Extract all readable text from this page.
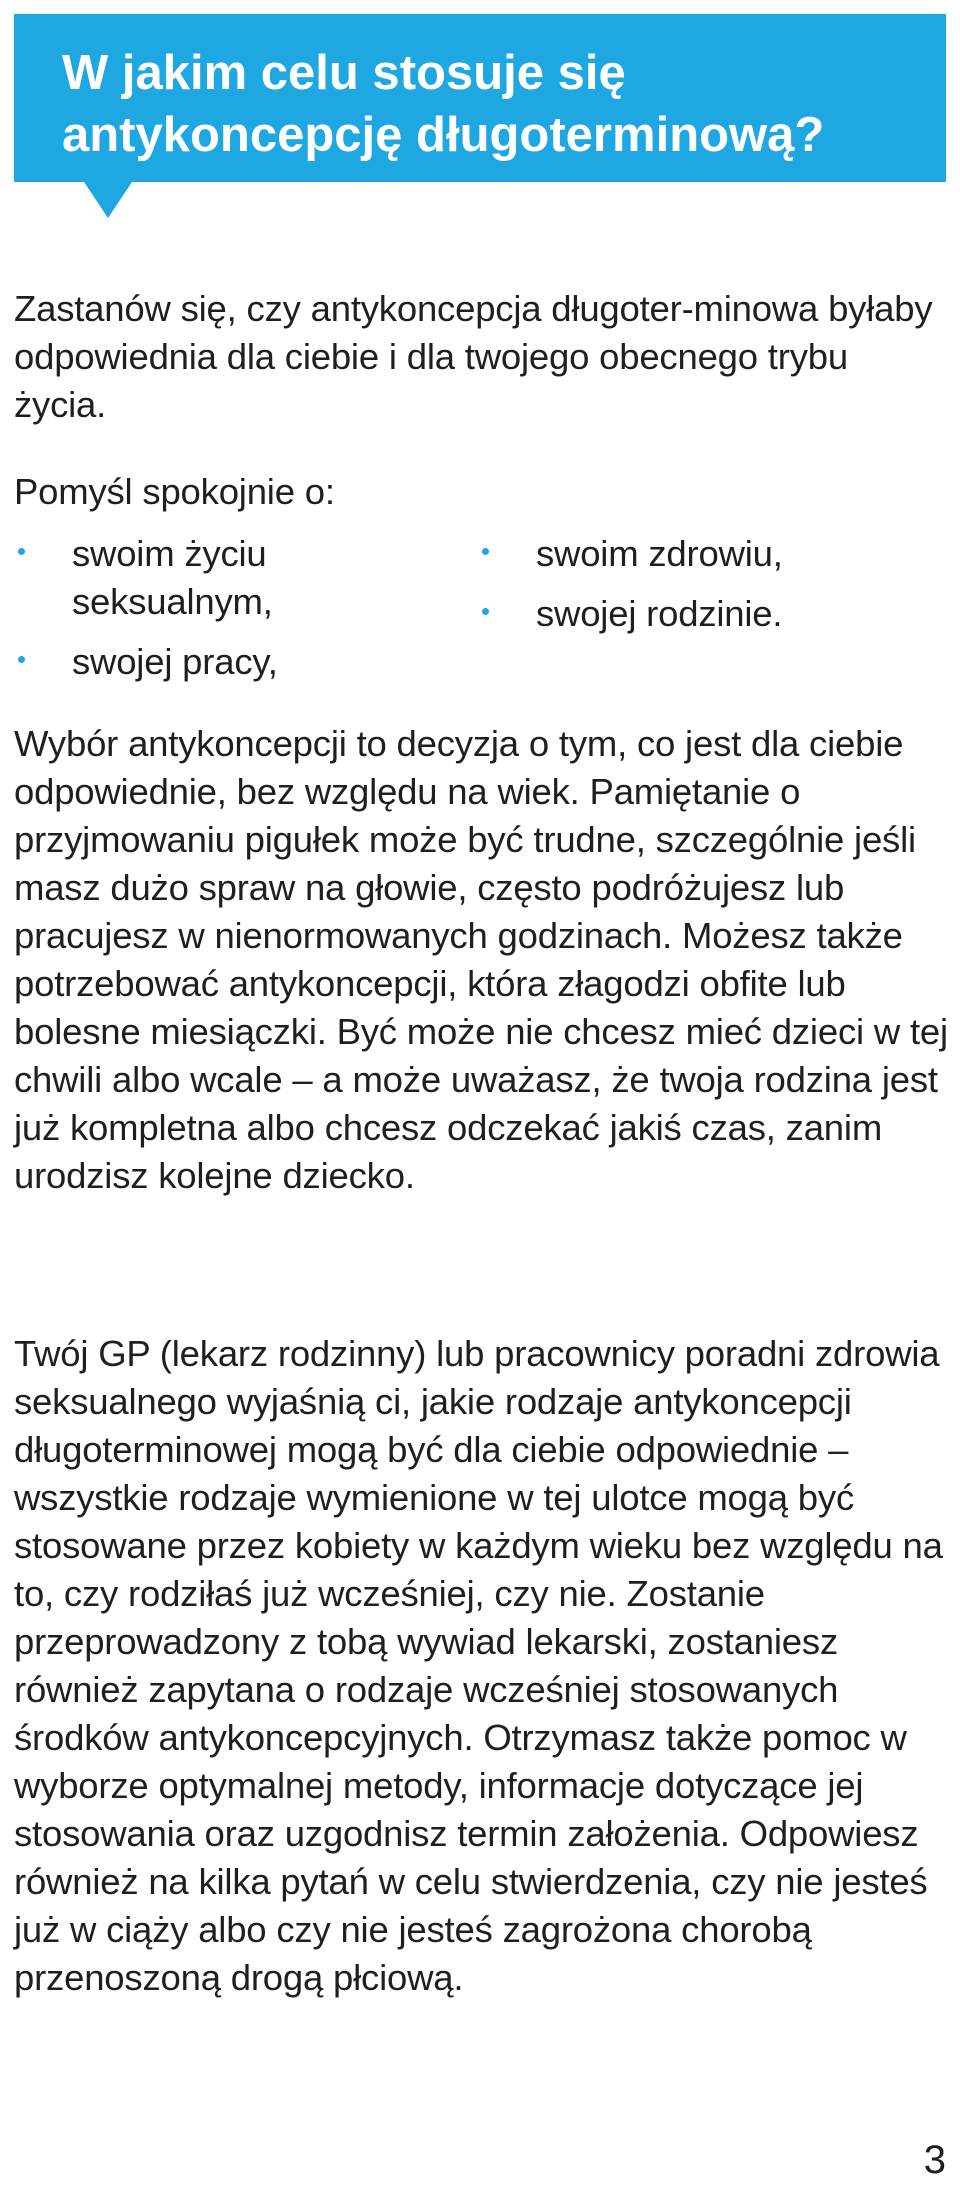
W jakim celu stosuje się antykoncepcję długoterminową?

Zastanów się, czy antykoncepcja długoter-minowa byłaby odpowiednia dla ciebie i dla twojego obecnego trybu życia.

Pomyśl spokojnie o:

swoim życiu seksualnym,
swojej pracy,
swoim zdrowiu,
swojej rodzinie.

Wybór antykoncepcji to decyzja o tym, co jest dla ciebie odpowiednie, bez względu na wiek. Pamiętanie o przyjmowaniu pigułek może być trudne, szczególnie jeśli masz dużo spraw na głowie, często podróżujesz lub pracujesz w nienormowanych godzinach. Możesz także potrzebować antykoncepcji, która złagodzi obfite lub bolesne miesiączki. Być może nie chcesz mieć dzieci w tej chwili albo wcale – a może uważasz, że twoja rodzina jest już kompletna albo chcesz odczekać jakiś czas, zanim urodzisz kolejne dziecko.

Twój GP (lekarz rodzinny) lub pracownicy poradni zdrowia seksualnego wyjaśnią ci, jakie rodzaje antykoncepcji długoterminowej mogą być dla ciebie odpowiednie – wszystkie rodzaje wymienione w tej ulotce mogą być stosowane przez kobiety w każdym wieku bez względu na to, czy rodziłaś już wcześniej, czy nie. Zostanie przeprowadzony z tobą wywiad lekarski, zostaniesz również zapytana o rodzaje wcześniej stosowanych środków antykoncepcyjnych. Otrzymasz także pomoc w wyborze optymalnej metody, informacje dotyczące jej stosowania oraz uzgodnisz termin założenia. Odpowiesz również na kilka pytań w celu stwierdzenia, czy nie jesteś już w ciąży albo czy nie jesteś zagrożona chorobą przenoszoną drogą płciową.

3
